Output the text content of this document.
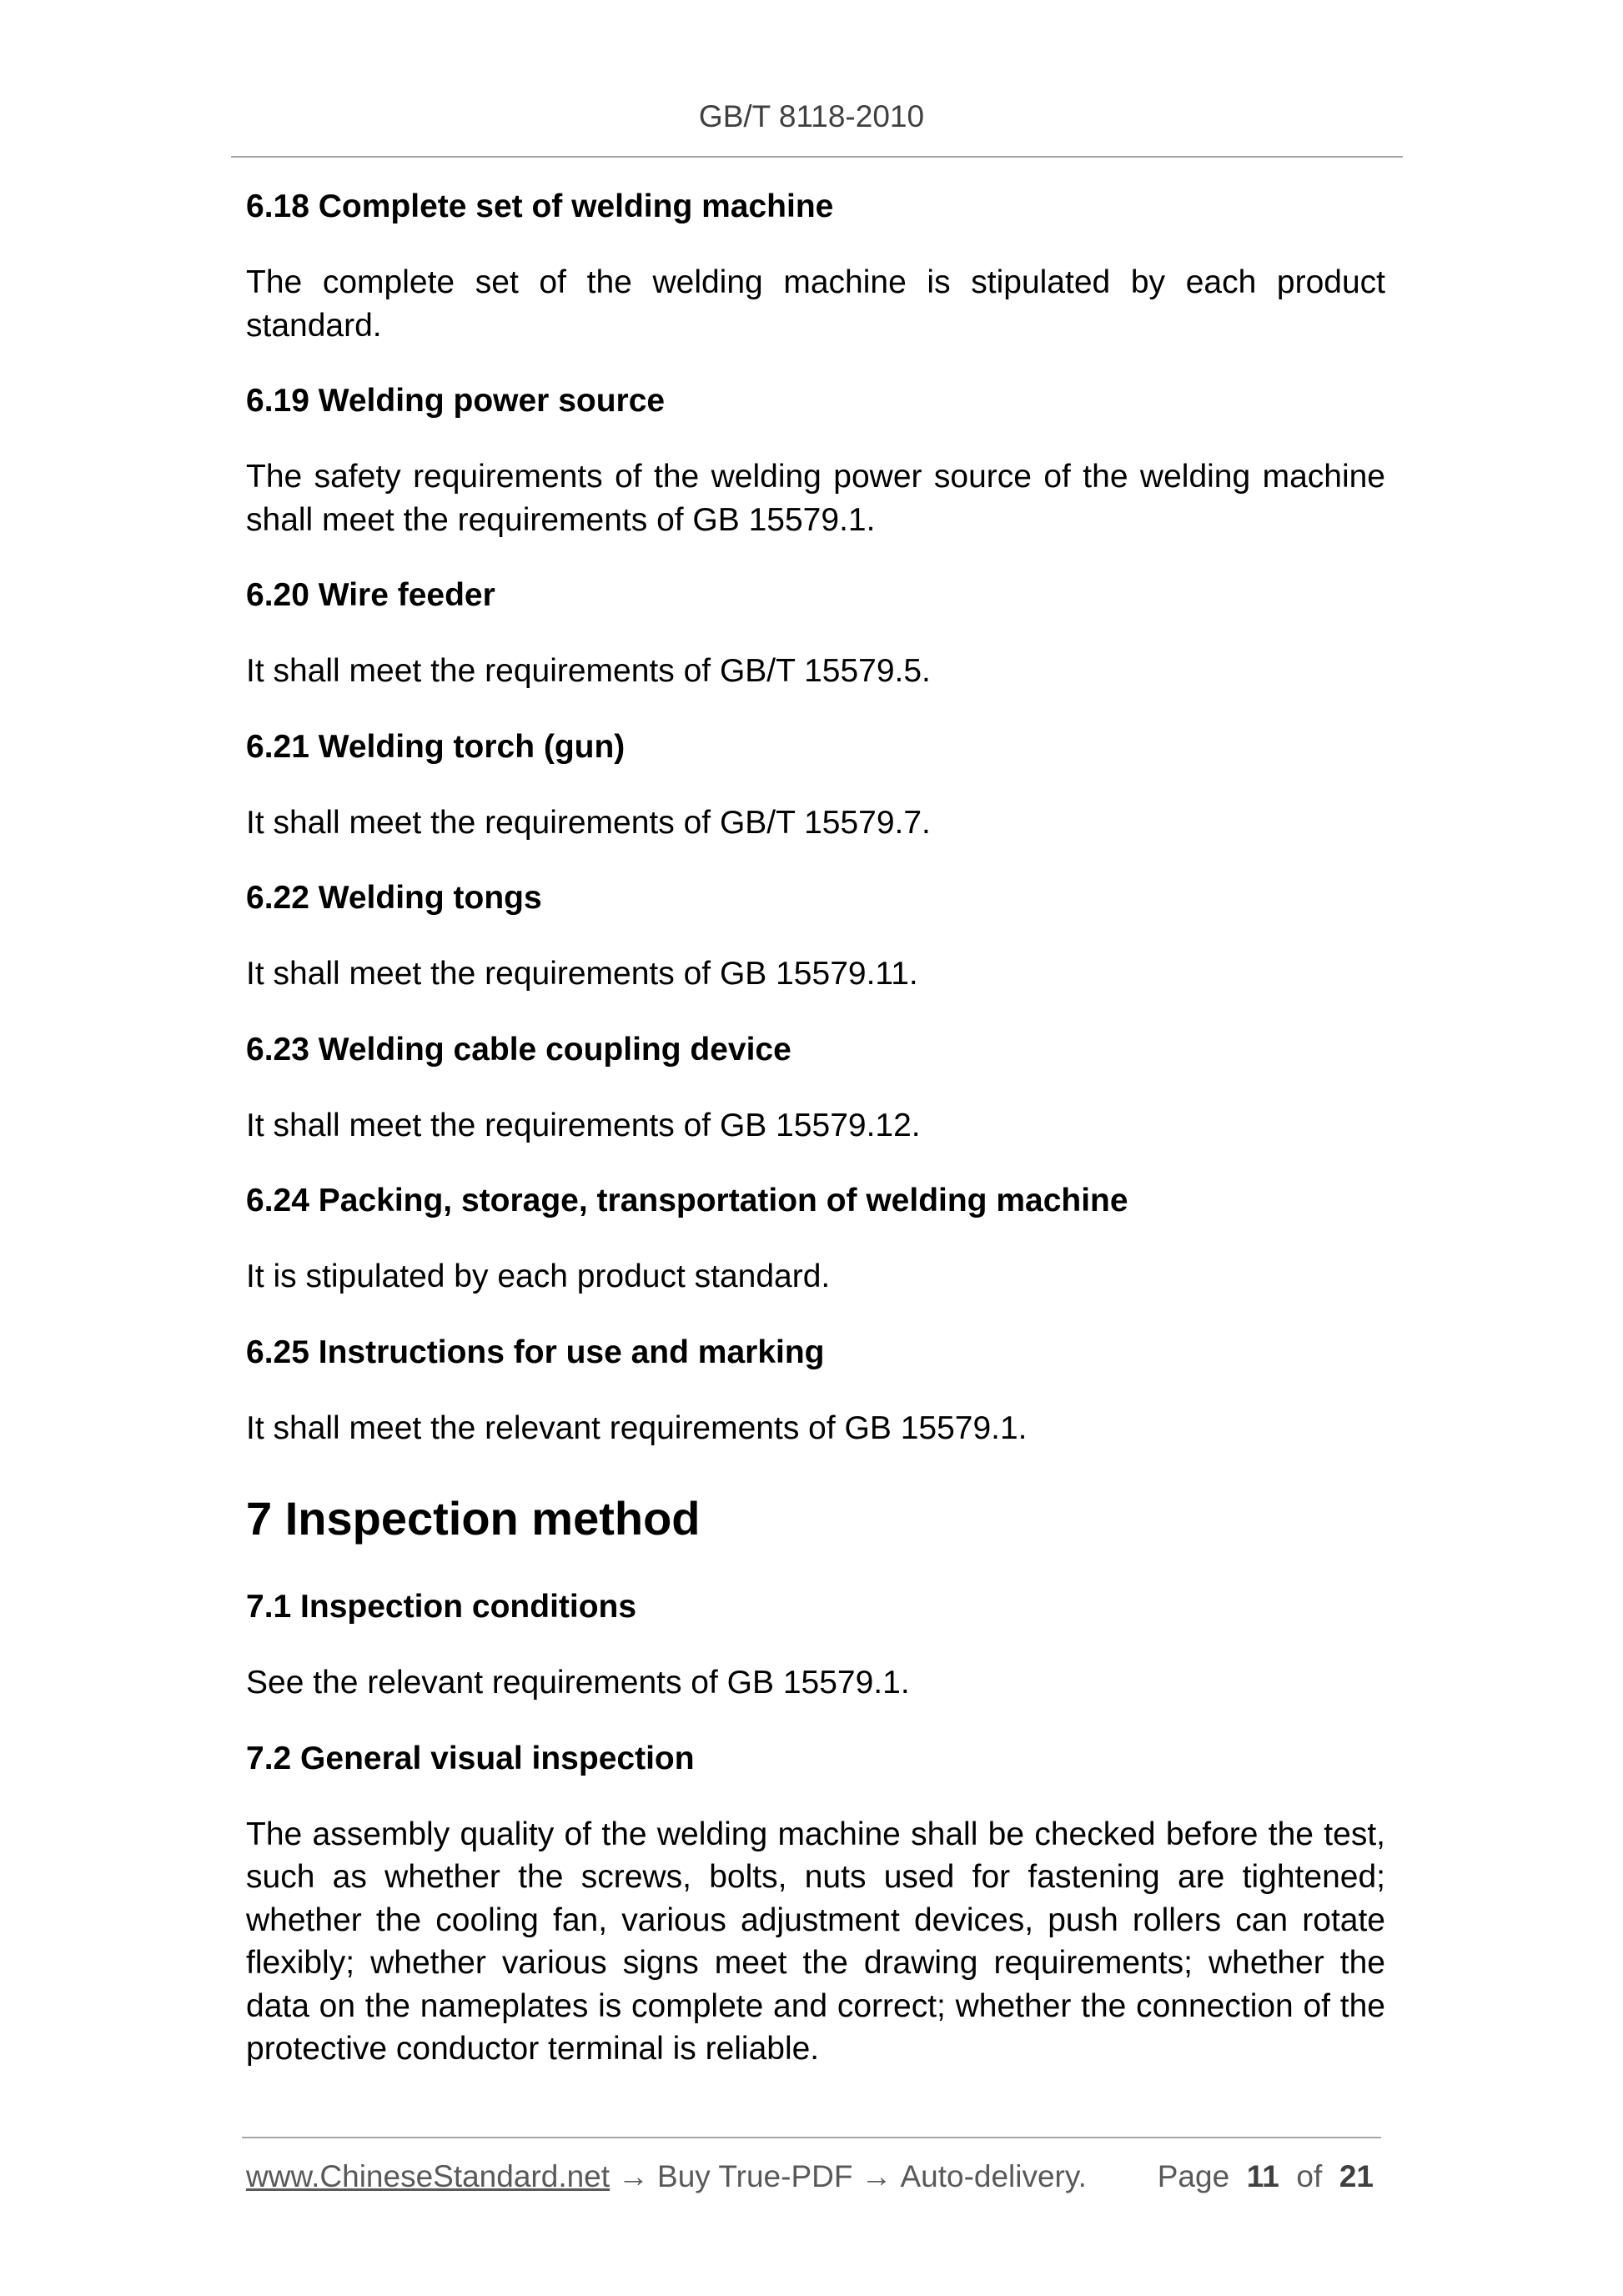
GB/T 8118-2010
6.18 Complete set of welding machine

The complete set of the welding machine is stipulated by each product standard.

6.19 Welding power source

The safety requirements of the welding power source of the welding machine shall meet the requirements of GB 15579.1.

6.20 Wire feeder

It shall meet the requirements of GB/T 15579.5.

6.21 Welding torch (gun)

It shall meet the requirements of GB/T 15579.7.

6.22 Welding tongs

It shall meet the requirements of GB 15579.11.

6.23 Welding cable coupling device

It shall meet the requirements of GB 15579.12.

6.24 Packing, storage, transportation of welding machine

It is stipulated by each product standard.

6.25 Instructions for use and marking

It shall meet the relevant requirements of GB 15579.1.

7 Inspection method
7.1 Inspection conditions

See the relevant requirements of GB 15579.1.

7.2 General visual inspection

The assembly quality of the welding machine shall be checked before the test, such as whether the screws, bolts, nuts used for fastening are tightened; whether the cooling fan, various adjustment devices, push rollers can rotate flexibly; whether various signs meet the drawing requirements; whether the data on the nameplates is complete and correct; whether the connection of the protective conductor terminal is reliable.

www.ChineseStandard.net → Buy True-PDF → Auto-delivery. Page 11 of 21
